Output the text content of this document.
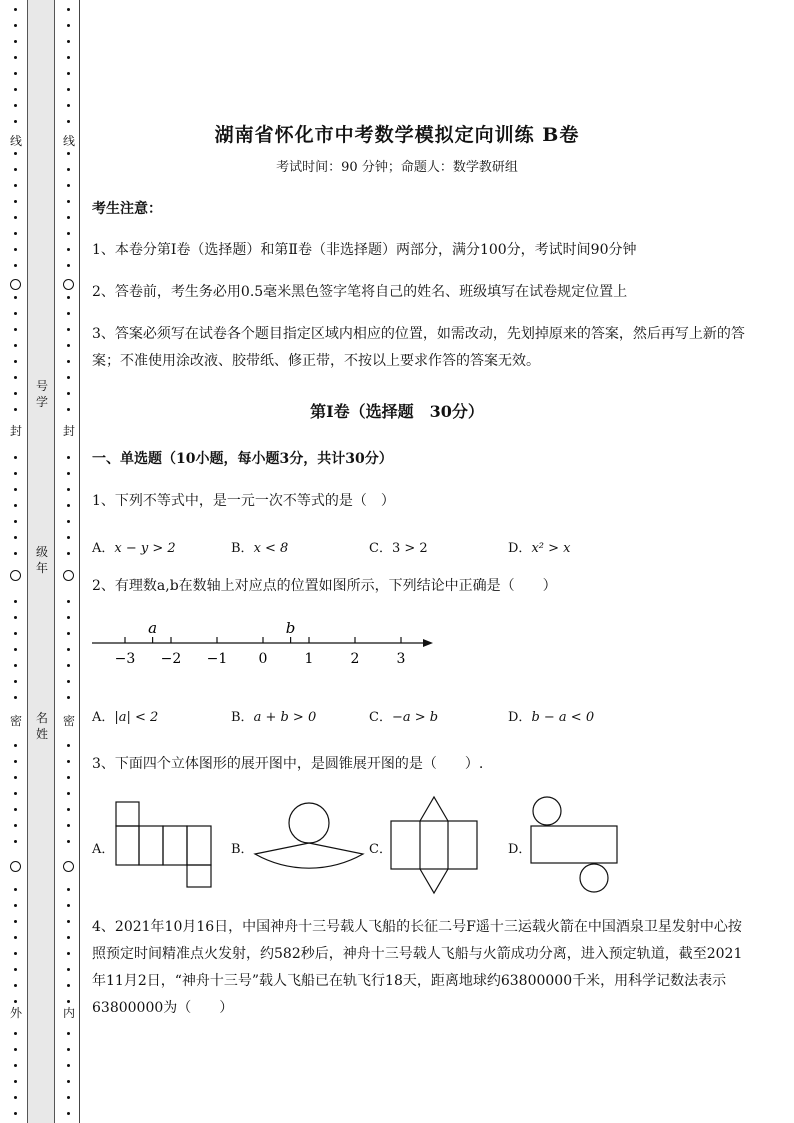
线
封
密
外
线
封
密
内
号学
级年
名姓
湖南省怀化市中考数学模拟定向训练 B卷
考试时间：90 分钟；命题人：数学教研组
考生注意：
1、本卷分第Ⅰ卷（选择题）和第Ⅱ卷（非选择题）两部分，满分100分，考试时间90分钟
2、答卷前，考生务必用0.5毫米黑色签字笔将自己的姓名、班级填写在试卷规定位置上
3、答案必须写在试卷各个题目指定区域内相应的位置，如需改动，先划掉原来的答案，然后再写上新的答案；不准使用涂改液、胶带纸、修正带，不按以上要求作答的答案无效。
第Ⅰ卷（选择题　30分）
一、单选题（10小题，每小题3分，共计30分）
1、下列不等式中，是一元一次不等式的是（　）
A．x − y > 2	B．x < 8	C．3 > 2	D．x² > x
2、有理数a,b在数轴上对应点的位置如图所示，下列结论中正确是（　　）
−3 −2 −1 0	1	2	3
a	b
A．|a| < 2	B．a + b > 0	C．−a > b	D．b − a < 0
3、下面四个立体图形的展开图中，是圆锥展开图的是（　　）.
A．	B．	C．	D．
4、2021年10月16日，中国神舟十三号载人飞船的长征二号F遥十三运载火箭在中国酒泉卫星发射中心按照预定时间精准点火发射，约582秒后，神舟十三号载人飞船与火箭成功分离，进入预定轨道，截至2021年11月2日，“神舟十三号”载人飞船已在轨飞行18天，距离地球约63800000千米，用科学记数法表示63800000为（　　）
